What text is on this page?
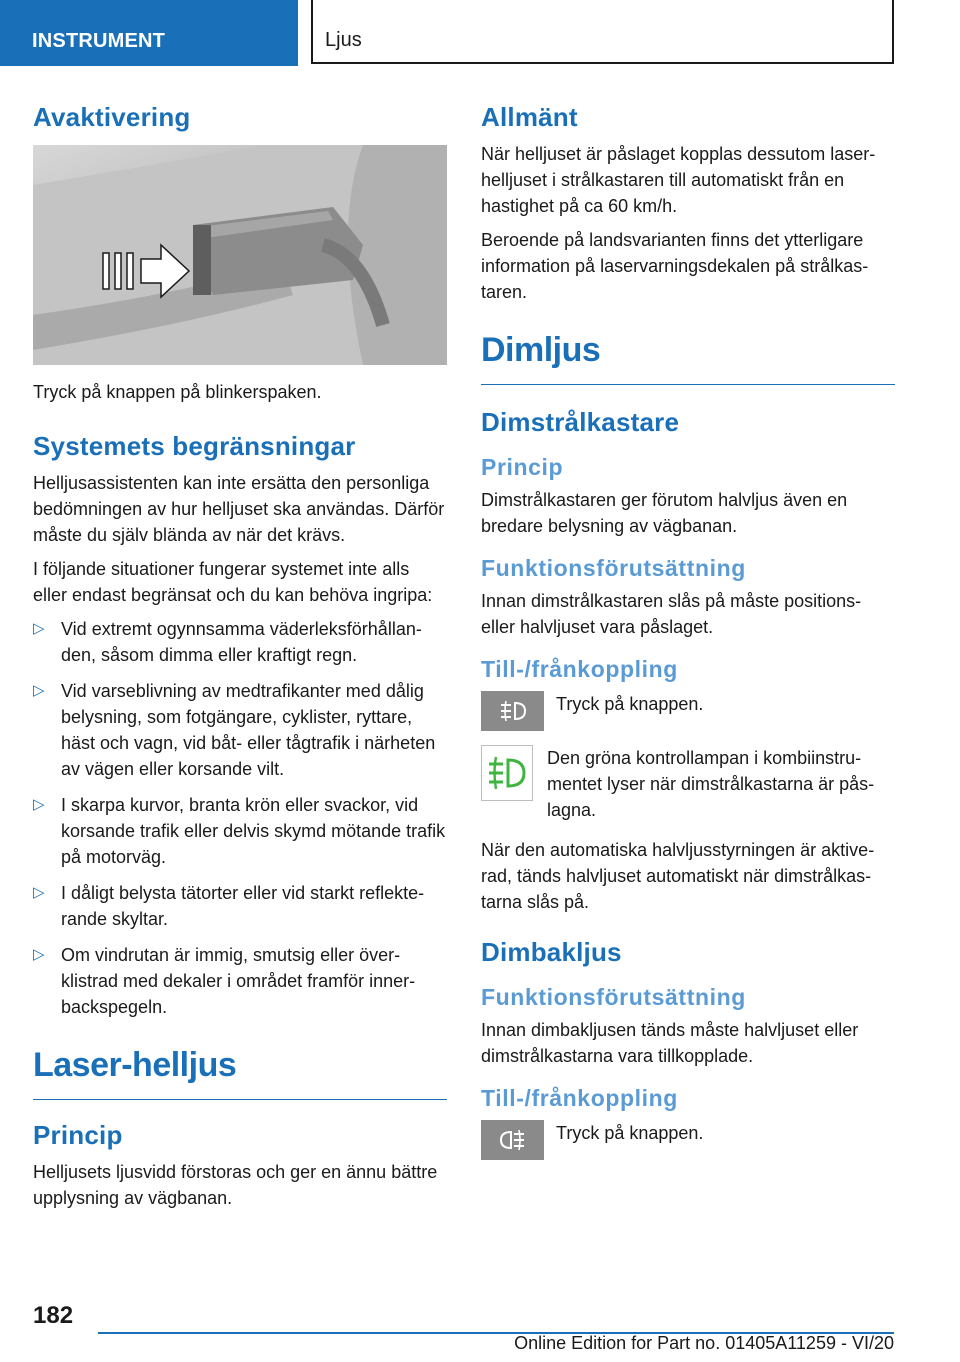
INSTRUMENT	Ljus
Avaktivering

Tryck på knappen på blinkerspaken.

Systemets begränsningar

Helljusassistenten kan inte ersätta den personliga bedömningen av hur helljuset ska användas. Därför måste du själv blända av när det krävs.

I följande situationer fungerar systemet inte alls eller endast begränsat och du kan behöva ingripa:

▷ Vid extremt ogynnsamma väderleksförhållanden, såsom dimma eller kraftigt regn.
▷ Vid varseblivning av medtrafikanter med dålig belysning, som fotgängare, cyklister, ryttare, häst och vagn, vid båt- eller tågtrafik i närheten av vägen eller korsande vilt.
▷ I skarpa kurvor, branta krön eller svackor, vid korsande trafik eller delvis skymd mötande trafik på motorväg.
▷ I dåligt belysta tätorter eller vid starkt reflekterande skyltar.
▷ Om vindrutan är immig, smutsig eller överklistrad med dekaler i området framför innerbackspegeln.
Laser-helljus
Princip

Helljusets ljusvidd förstoras och ger en ännu bättre upplysning av vägbanan.

Allmänt

När helljuset är påslaget kopplas dessutom laserhelljuset i strålkastaren till automatiskt från en hastighet på ca 60 km/h.

Beroende på landsvarianten finns det ytterligare information på laservarningsdekalen på strålkastaren.

Dimljus
Dimstrålkastare
Princip

Dimstrålkastaren ger förutom halvljus även en bredare belysning av vägbanan.

Funktionsförutsättning

Innan dimstrålkastaren slås på måste positions- eller halvljuset vara påslaget.

Till-/frånkoppling

Tryck på knappen.

Den gröna kontrollampan i kombiinstrumentet lyser när dimstrålkastarna är påslagna.

När den automatiska halvljusstyrningen är aktiverad, tänds halvljuset automatiskt när dimstrålkastarna slås på.

Dimbakljus
Funktionsförutsättning

Innan dimbakljusen tänds måste halvljuset eller dimstrålkastarna vara tillkopplade.

Till-/frånkoppling

Tryck på knappen.

182
Online Edition for Part no. 01405A11259 - VI/20
